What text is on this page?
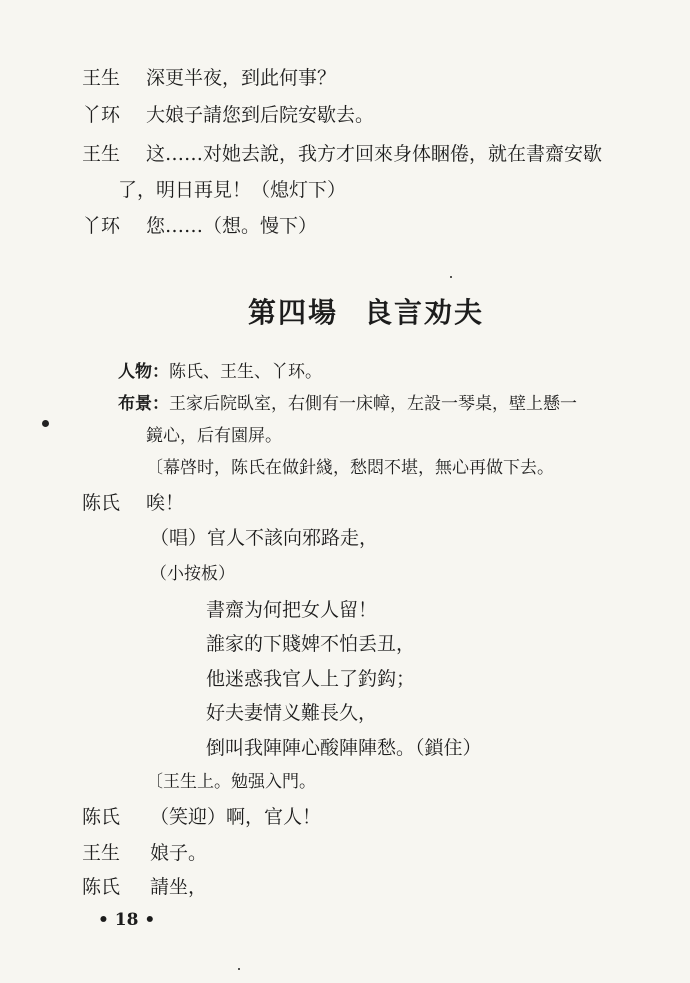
王生 深更半夜，到此何事？
丫环 大娘子請您到后院安歇去。
王生 这……对她去說，我方才回來身体睏倦，就在書齋安歇
了，明日再見！（熄灯下）
丫环 您……（想。慢下）
第四場 良言劝夫
人物：陈氏、王生、丫环。
布景：王家后院臥室，右側有一床幛，左設一琴桌，壁上懸一
鏡心，后有園屏。
〔幕啓时，陈氏在做針綫，愁悶不堪，無心再做下去。
陈氏 唉！
（唱）官人不該向邪路走，
（小按板）
書齋为何把女人留！
誰家的下賤婢不怕丢丑，
他迷惑我官人上了釣鈎；
好夫妻情义難長久，
倒叫我陣陣心酸陣陣愁。（鎖住）
〔王生上。勉强入門。
陈氏 （笑迎）啊，官人！
王生 娘子。
陈氏 請坐，
• 18 •
